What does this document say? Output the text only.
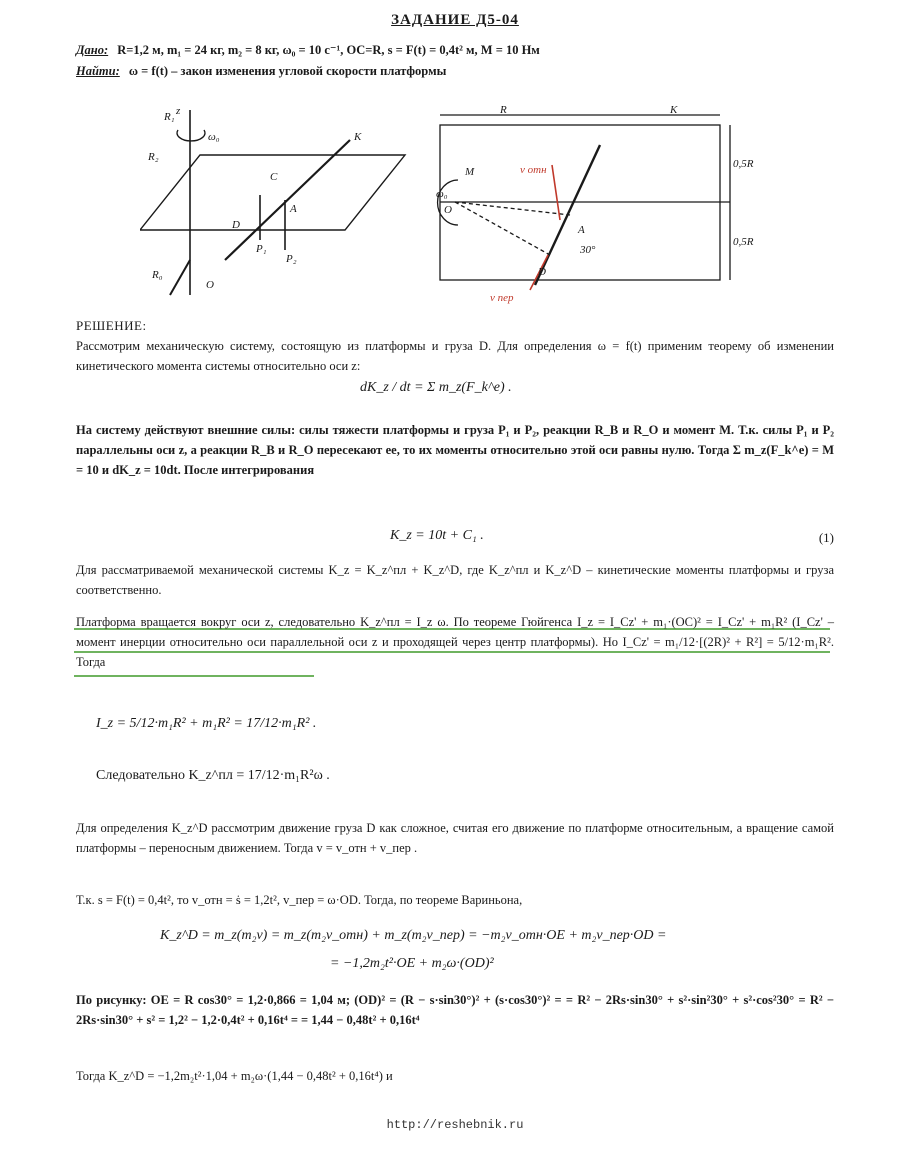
ЗАДАНИЕ Д5-04
Дано: R=1,2 м, m₁ = 24 кг, m₂ = 8 кг, ω₀ = 10 с⁻¹, OC=R, s = F(t) = 0,4t² м, M = 10 Нм
Найти: ω = f(t) – закон изменения угловой скорости платформы
z
ω₀
R₂
K
C
A
D
O
P₁
P₂
R₀
R₁
R	K
0,5R
0,5R
M
ω₀
O
A
D
30°
v отн
v пер
РЕШЕНИЕ:
Рассмотрим механическую систему, состоящую из платформы и груза D. Для определения ω = f(t) применим теорему об изменении кинетического момента системы относительно оси z:
dK_z / dt = Σ m_z(F_k^e) .
На систему действуют внешние силы: силы тяжести платформы и груза P₁ и P₂, реакции R_B и R_O и момент M. Т.к. силы P₁ и P₂ параллельны оси z, а реакции R_B и R_O пересекают ее, то их моменты относительно этой оси равны нулю. Тогда Σ m_z(F_k^e) = M = 10 и dK_z = 10dt. После интегрирования
K_z = 10t + C₁ .	(1)
Для рассматриваемой механической системы K_z = K_z^пл + K_z^D, где K_z^пл и K_z^D – кинетические моменты платформы и груза соответственно.
Платформа вращается вокруг оси z, следовательно K_z^пл = I_z ω. По теореме Гюйгенса I_z = I_Cz' + m₁·(OC)² = I_Cz' + m₁R² (I_Cz' – момент инерции относительно оси параллельной оси z и проходящей через центр платформы). Но I_Cz' = m₁/12·[(2R)² + R²] = 5/12·m₁R². Тогда
I_z = 5/12·m₁R² + m₁R² = 17/12·m₁R² .
Следовательно K_z^пл = 17/12·m₁R²ω .
Для определения K_z^D рассмотрим движение груза D как сложное, считая его движение по платформе относительным, а вращение самой платформы – переносным движением. Тогда v = v_отн + v_пер .
Т.к. s = F(t) = 0,4t², то v_отн = ṡ = 1,2t², v_пер = ω·OD. Тогда, по теореме Вариньона,
K_z^D = m_z(m₂v) = m_z(m₂v_отн) + m_z(m₂v_пер) = −m₂v_отн·OE + m₂v_пер·OD =
= −1,2m₂t²·OE + m₂ω·(OD)²
По рисунку: OE = R cos30° = 1,2·0,866 = 1,04 м; (OD)² = (R − s·sin30°)² + (s·cos30°)² = = R² − 2Rs·sin30° + s²·sin²30° + s²·cos²30° = R² − 2Rs·sin30° + s² = 1,2² − 1,2·0,4t² + 0,16t⁴ = = 1,44 − 0,48t² + 0,16t⁴
Тогда K_z^D = −1,2m₂t²·1,04 + m₂ω·(1,44 − 0,48t² + 0,16t⁴) и
http://reshebnik.ru
